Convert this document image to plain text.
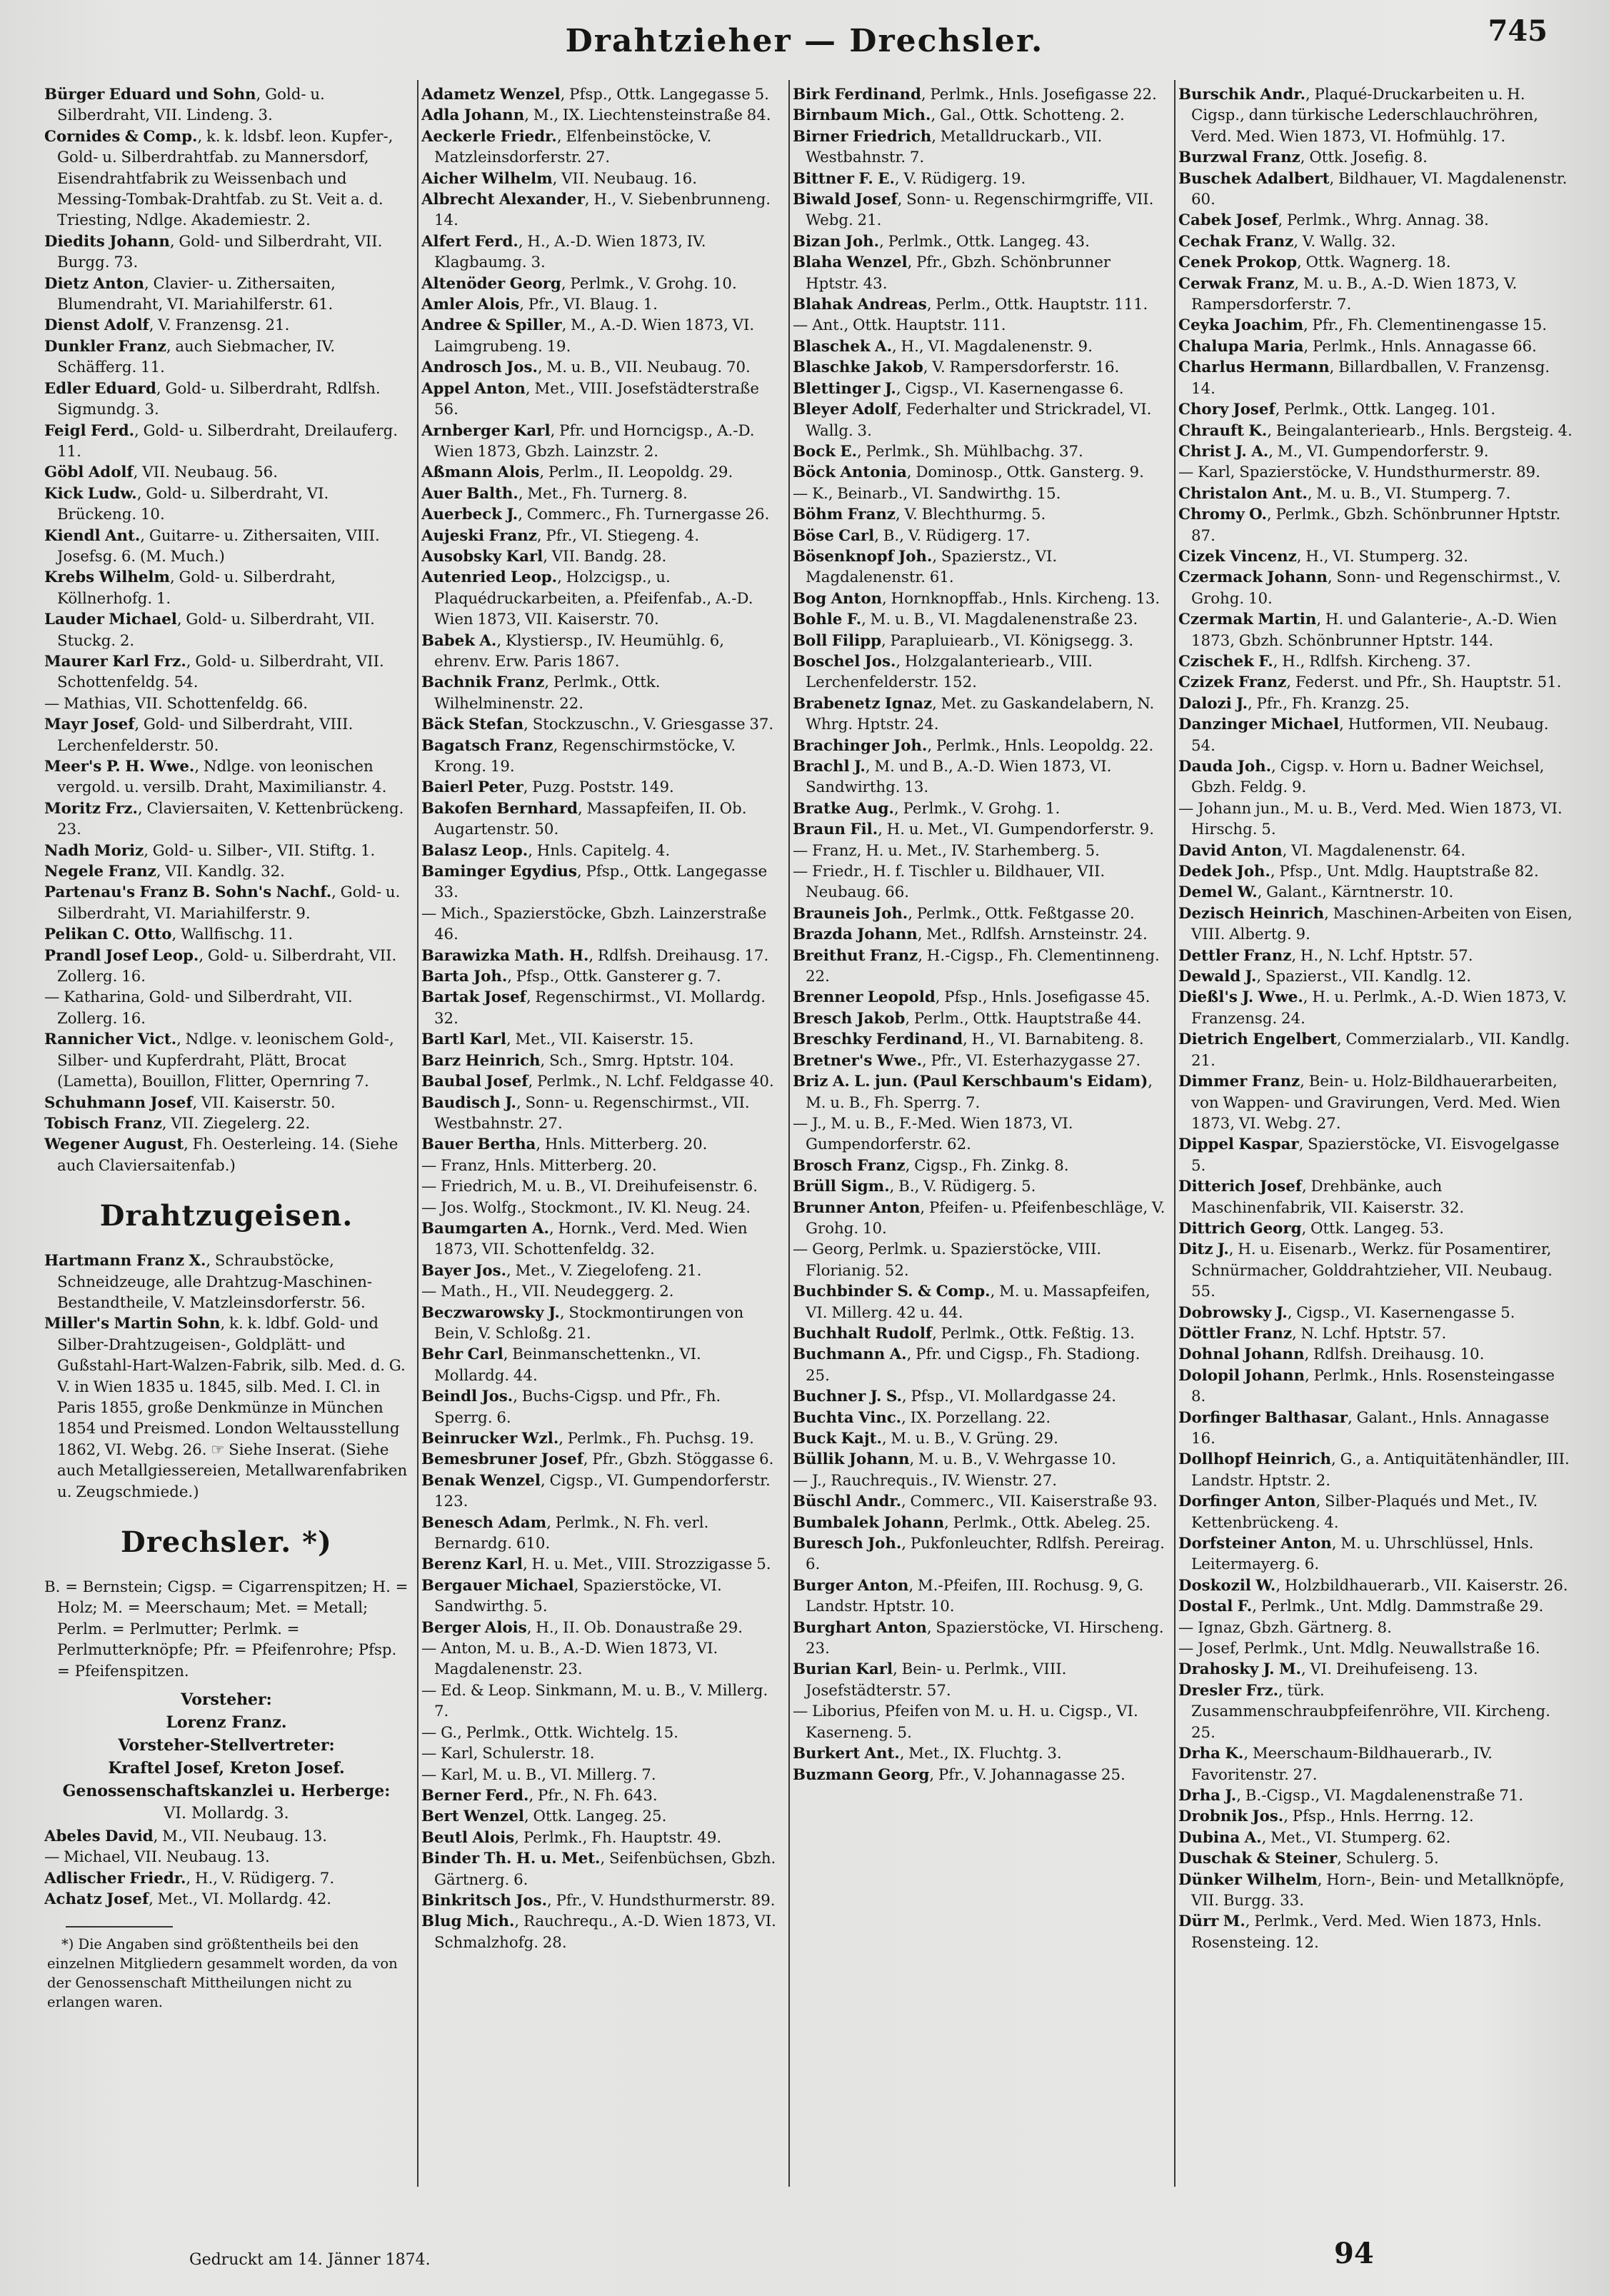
Drahtzieher — Drechsler.	745

Bürger Eduard und Sohn, Gold- u. Silberdraht, VII. Lindeng. 3.

Cornides & Comp., k. k. ldsbf. leon. Kupfer-, Gold- u. Silberdrahtfab. zu Mannersdorf, Eisendrahtfabrik zu Weissenbach und Messing-Tombak-Drahtfab. zu St. Veit a. d. Triesting, Ndlge. Akademiestr. 2.

Diedits Johann, Gold- und Silberdraht, VII. Burgg. 73.

Dietz Anton, Clavier- u. Zithersaiten, Blumendraht, VI. Mariahilferstr. 61.

Dienst Adolf, V. Franzensg. 21.

Dunkler Franz, auch Siebmacher, IV. Schäfferg. 11.

Edler Eduard, Gold- u. Silberdraht, Rdlfsh. Sigmundg. 3.

Feigl Ferd., Gold- u. Silberdraht, Dreilauferg. 11.

Göbl Adolf, VII. Neubaug. 56.

Kick Ludw., Gold- u. Silberdraht, VI. Brückeng. 10.

Kiendl Ant., Guitarre- u. Zithersaiten, VIII. Josefsg. 6. (M. Much.)

Krebs Wilhelm, Gold- u. Silberdraht, Köllnerhofg. 1.

Lauder Michael, Gold- u. Silberdraht, VII. Stuckg. 2.

Maurer Karl Frz., Gold- u. Silberdraht, VII. Schottenfeldg. 54.

— Mathias, VII. Schottenfeldg. 66.

Mayr Josef, Gold- und Silberdraht, VIII. Lerchenfelderstr. 50.

Meer's P. H. Wwe., Ndlge. von leonischen vergold. u. versilb. Draht, Maximilianstr. 4.

Moritz Frz., Claviersaiten, V. Kettenbrückeng. 23.

Nadh Moriz, Gold- u. Silber-, VII. Stiftg. 1.

Negele Franz, VII. Kandlg. 32.

Partenau's Franz B. Sohn's Nachf., Gold- u. Silberdraht, VI. Mariahilferstr. 9.

Pelikan C. Otto, Wallfischg. 11.

Prandl Josef Leop., Gold- u. Silberdraht, VII. Zollerg. 16.

— Katharina, Gold- und Silberdraht, VII. Zollerg. 16.

Rannicher Vict., Ndlge. v. leonischem Gold-, Silber- und Kupferdraht, Plätt, Brocat (Lametta), Bouillon, Flitter, Opernring 7.

Schuhmann Josef, VII. Kaiserstr. 50.

Tobisch Franz, VII. Ziegelerg. 22.

Wegener August, Fh. Oesterleing. 14. (Siehe auch Claviersaitenfab.)

Drahtzugeisen.

Hartmann Franz X., Schraubstöcke, Schneidzeuge, alle Drahtzug-Maschinen-Bestandtheile, V. Matzleinsdorferstr. 56.

Miller's Martin Sohn, k. k. ldbf. Gold- und Silber-Drahtzugeisen-, Goldplätt- und Gußstahl-Hart-Walzen-Fabrik, silb. Med. d. G. V. in Wien 1835 u. 1845, silb. Med. I. Cl. in Paris 1855, große Denkmünze in München 1854 und Preismed. London Weltausstellung 1862, VI. Webg. 26. ☞ Siehe Inserat. (Siehe auch Metallgiessereien, Metallwarenfabriken u. Zeugschmiede.)

Drechsler. *)
B. = Bernstein; Cigsp. = Cigarrenspitzen; H. = Holz; M. = Meerschaum; Met. = Metall; Perlm. = Perlmutter; Perlmk. = Perlmutterknöpfe; Pfr. = Pfeifenrohre; Pfsp. = Pfeifenspitzen.
Vorsteher:
Lorenz Franz.
Vorsteher-Stellvertreter:
Kraftel Josef, Kreton Josef.
Genossenschaftskanzlei u. Herberge:
VI. Mollardg. 3.

Abeles David, M., VII. Neubaug. 13.

— Michael, VII. Neubaug. 13.

Adlischer Friedr., H., V. Rüdigerg. 7.

Achatz Josef, Met., VI. Mollardg. 42.

*) Die Angaben sind größtentheils bei den einzelnen Mitgliedern gesammelt worden, da von der Genossenschaft Mittheilungen nicht zu erlangen waren.

Adametz Wenzel, Pfsp., Ottk. Langegasse 5.

Adla Johann, M., IX. Liechtensteinstraße 84.

Aeckerle Friedr., Elfenbeinstöcke, V. Matzleinsdorferstr. 27.

Aicher Wilhelm, VII. Neubaug. 16.

Albrecht Alexander, H., V. Siebenbrunneng. 14.

Alfert Ferd., H., A.-D. Wien 1873, IV. Klagbaumg. 3.

Altenöder Georg, Perlmk., V. Grohg. 10.

Amler Alois, Pfr., VI. Blaug. 1.

Andree & Spiller, M., A.-D. Wien 1873, VI. Laimgrubeng. 19.

Androsch Jos., M. u. B., VII. Neubaug. 70.

Appel Anton, Met., VIII. Josefstädterstraße 56.

Arnberger Karl, Pfr. und Horncigsp., A.-D. Wien 1873, Gbzh. Lainzstr. 2.

Aßmann Alois, Perlm., II. Leopoldg. 29.

Auer Balth., Met., Fh. Turnerg. 8.

Auerbeck J., Commerc., Fh. Turnergasse 26.

Aujeski Franz, Pfr., VI. Stiegeng. 4.

Ausobsky Karl, VII. Bandg. 28.

Autenried Leop., Holzcigsp., u. Plaquédruckarbeiten, a. Pfeifenfab., A.-D. Wien 1873, VII. Kaiserstr. 70.

Babek A., Klystiersp., IV. Heumühlg. 6, ehrenv. Erw. Paris 1867.

Bachnik Franz, Perlmk., Ottk. Wilhelminenstr. 22.

Bäck Stefan, Stockzuschn., V. Griesgasse 37.

Bagatsch Franz, Regenschirmstöcke, V. Krong. 19.

Baierl Peter, Puzg. Poststr. 149.

Bakofen Bernhard, Massapfeifen, II. Ob. Augartenstr. 50.

Balasz Leop., Hnls. Capitelg. 4.

Baminger Egydius, Pfsp., Ottk. Langegasse 33.

— Mich., Spazierstöcke, Gbzh. Lainzerstraße 46.

Barawizka Math. H., Rdlfsh. Dreihausg. 17.

Barta Joh., Pfsp., Ottk. Gansterer g. 7.

Bartak Josef, Regenschirmst., VI. Mollardg. 32.

Bartl Karl, Met., VII. Kaiserstr. 15.

Barz Heinrich, Sch., Smrg. Hptstr. 104.

Baubal Josef, Perlmk., N. Lchf. Feldgasse 40.

Baudisch J., Sonn- u. Regenschirmst., VII. Westbahnstr. 27.

Bauer Bertha, Hnls. Mitterberg. 20.

— Franz, Hnls. Mitterberg. 20.

— Friedrich, M. u. B., VI. Dreihufeisenstr. 6.

— Jos. Wolfg., Stockmont., IV. Kl. Neug. 24.

Baumgarten A., Hornk., Verd. Med. Wien 1873, VII. Schottenfeldg. 32.

Bayer Jos., Met., V. Ziegelofeng. 21.

— Math., H., VII. Neudeggerg. 2.

Beczwarowsky J., Stockmontirungen von Bein, V. Schloßg. 21.

Behr Carl, Beinmanschettenkn., VI. Mollardg. 44.

Beindl Jos., Buchs-Cigsp. und Pfr., Fh. Sperrg. 6.

Beinrucker Wzl., Perlmk., Fh. Puchsg. 19.

Bemesbruner Josef, Pfr., Gbzh. Stöggasse 6.

Benak Wenzel, Cigsp., VI. Gumpendorferstr. 123.

Benesch Adam, Perlmk., N. Fh. verl. Bernardg. 610.

Berenz Karl, H. u. Met., VIII. Strozzigasse 5.

Bergauer Michael, Spazierstöcke, VI. Sandwirthg. 5.

Berger Alois, H., II. Ob. Donaustraße 29.

— Anton, M. u. B., A.-D. Wien 1873, VI. Magdalenenstr. 23.

— Ed. & Leop. Sinkmann, M. u. B., V. Millerg. 7.

— G., Perlmk., Ottk. Wichtelg. 15.

— Karl, Schulerstr. 18.

— Karl, M. u. B., VI. Millerg. 7.

Berner Ferd., Pfr., N. Fh. 643.

Bert Wenzel, Ottk. Langeg. 25.

Beutl Alois, Perlmk., Fh. Hauptstr. 49.

Binder Th. H. u. Met., Seifenbüchsen, Gbzh. Gärtnerg. 6.

Binkritsch Jos., Pfr., V. Hundsthurmerstr. 89.

Blug Mich., Rauchrequ., A.-D. Wien 1873, VI. Schmalzhofg. 28.

Birk Ferdinand, Perlmk., Hnls. Josefigasse 22.

Birnbaum Mich., Gal., Ottk. Schotteng. 2.

Birner Friedrich, Metalldruckarb., VII. Westbahnstr. 7.

Bittner F. E., V. Rüdigerg. 19.

Biwald Josef, Sonn- u. Regenschirmgriffe, VII. Webg. 21.

Bizan Joh., Perlmk., Ottk. Langeg. 43.

Blaha Wenzel, Pfr., Gbzh. Schönbrunner Hptstr. 43.

Blahak Andreas, Perlm., Ottk. Hauptstr. 111.

— Ant., Ottk. Hauptstr. 111.

Blaschek A., H., VI. Magdalenenstr. 9.

Blaschke Jakob, V. Rampersdorferstr. 16.

Blettinger J., Cigsp., VI. Kasernengasse 6.

Bleyer Adolf, Federhalter und Strickradel, VI. Wallg. 3.

Bock E., Perlmk., Sh. Mühlbachg. 37.

Böck Antonia, Dominosp., Ottk. Gansterg. 9.

— K., Beinarb., VI. Sandwirthg. 15.

Böhm Franz, V. Blechthurmg. 5.

Böse Carl, B., V. Rüdigerg. 17.

Bösenknopf Joh., Spazierstz., VI. Magdalenenstr. 61.

Bog Anton, Hornknopffab., Hnls. Kircheng. 13.

Bohle F., M. u. B., VI. Magdalenenstraße 23.

Boll Filipp, Parapluiearb., VI. Königsegg. 3.

Boschel Jos., Holzgalanteriearb., VIII. Lerchenfelderstr. 152.

Brabenetz Ignaz, Met. zu Gaskandelabern, N. Whrg. Hptstr. 24.

Brachinger Joh., Perlmk., Hnls. Leopoldg. 22.

Brachl J., M. und B., A.-D. Wien 1873, VI. Sandwirthg. 13.

Bratke Aug., Perlmk., V. Grohg. 1.

Braun Fil., H. u. Met., VI. Gumpendorferstr. 9.

— Franz, H. u. Met., IV. Starhemberg. 5.

— Friedr., H. f. Tischler u. Bildhauer, VII. Neubaug. 66.

Brauneis Joh., Perlmk., Ottk. Feßtgasse 20.

Brazda Johann, Met., Rdlfsh. Arnsteinstr. 24.

Breithut Franz, H.-Cigsp., Fh. Clementinneng. 22.

Brenner Leopold, Pfsp., Hnls. Josefigasse 45.

Bresch Jakob, Perlm., Ottk. Hauptstraße 44.

Breschky Ferdinand, H., VI. Barnabiteng. 8.

Bretner's Wwe., Pfr., VI. Esterhazygasse 27.

Briz A. L. jun. (Paul Kerschbaum's Eidam), M. u. B., Fh. Sperrg. 7.

— J., M. u. B., F.-Med. Wien 1873, VI. Gumpendorferstr. 62.

Brosch Franz, Cigsp., Fh. Zinkg. 8.

Brüll Sigm., B., V. Rüdigerg. 5.

Brunner Anton, Pfeifen- u. Pfeifenbeschläge, V. Grohg. 10.

— Georg, Perlmk. u. Spazierstöcke, VIII. Florianig. 52.

Buchbinder S. & Comp., M. u. Massapfeifen, VI. Millerg. 42 u. 44.

Buchhalt Rudolf, Perlmk., Ottk. Feßtig. 13.

Buchmann A., Pfr. und Cigsp., Fh. Stadiong. 25.

Buchner J. S., Pfsp., VI. Mollardgasse 24.

Buchta Vinc., IX. Porzellang. 22.

Buck Kajt., M. u. B., V. Grüng. 29.

Büllik Johann, M. u. B., V. Wehrgasse 10.

— J., Rauchrequis., IV. Wienstr. 27.

Büschl Andr., Commerc., VII. Kaiserstraße 93.

Bumbalek Johann, Perlmk., Ottk. Abeleg. 25.

Buresch Joh., Pukfonleuchter, Rdlfsh. Pereirag. 6.

Burger Anton, M.-Pfeifen, III. Rochusg. 9, G. Landstr. Hptstr. 10.

Burghart Anton, Spazierstöcke, VI. Hirscheng. 23.

Burian Karl, Bein- u. Perlmk., VIII. Josefstädterstr. 57.

— Liborius, Pfeifen von M. u. H. u. Cigsp., VI. Kaserneng. 5.

Burkert Ant., Met., IX. Fluchtg. 3.

Buzmann Georg, Pfr., V. Johannagasse 25.

Burschik Andr., Plaqué-Druckarbeiten u. H. Cigsp., dann türkische Lederschlauchröhren, Verd. Med. Wien 1873, VI. Hofmühlg. 17.

Burzwal Franz, Ottk. Josefig. 8.

Buschek Adalbert, Bildhauer, VI. Magdalenenstr. 60.

Cabek Josef, Perlmk., Whrg. Annag. 38.

Cechak Franz, V. Wallg. 32.

Cenek Prokop, Ottk. Wagnerg. 18.

Cerwak Franz, M. u. B., A.-D. Wien 1873, V. Rampersdorferstr. 7.

Ceyka Joachim, Pfr., Fh. Clementinengasse 15.

Chalupa Maria, Perlmk., Hnls. Annagasse 66.

Charlus Hermann, Billardballen, V. Franzensg. 14.

Chory Josef, Perlmk., Ottk. Langeg. 101.

Chrauft K., Beingalanteriearb., Hnls. Bergsteig. 4.

Christ J. A., M., VI. Gumpendorferstr. 9.

— Karl, Spazierstöcke, V. Hundsthurmerstr. 89.

Christalon Ant., M. u. B., VI. Stumperg. 7.

Chromy O., Perlmk., Gbzh. Schönbrunner Hptstr. 87.

Cizek Vincenz, H., VI. Stumperg. 32.

Czermack Johann, Sonn- und Regenschirmst., V. Grohg. 10.

Czermak Martin, H. und Galanterie-, A.-D. Wien 1873, Gbzh. Schönbrunner Hptstr. 144.

Czischek F., H., Rdlfsh. Kircheng. 37.

Czizek Franz, Federst. und Pfr., Sh. Hauptstr. 51.

Dalozi J., Pfr., Fh. Kranzg. 25.

Danzinger Michael, Hutformen, VII. Neubaug. 54.

Dauda Joh., Cigsp. v. Horn u. Badner Weichsel, Gbzh. Feldg. 9.

— Johann jun., M. u. B., Verd. Med. Wien 1873, VI. Hirschg. 5.

David Anton, VI. Magdalenenstr. 64.

Dedek Joh., Pfsp., Unt. Mdlg. Hauptstraße 82.

Demel W., Galant., Kärntnerstr. 10.

Dezisch Heinrich, Maschinen-Arbeiten von Eisen, VIII. Albertg. 9.

Dettler Franz, H., N. Lchf. Hptstr. 57.

Dewald J., Spazierst., VII. Kandlg. 12.

Dießl's J. Wwe., H. u. Perlmk., A.-D. Wien 1873, V. Franzensg. 24.

Dietrich Engelbert, Commerzialarb., VII. Kandlg. 21.

Dimmer Franz, Bein- u. Holz-Bildhauerarbeiten, von Wappen- und Gravirungen, Verd. Med. Wien 1873, VI. Webg. 27.

Dippel Kaspar, Spazierstöcke, VI. Eisvogelgasse 5.

Ditterich Josef, Drehbänke, auch Maschinenfabrik, VII. Kaiserstr. 32.

Dittrich Georg, Ottk. Langeg. 53.

Ditz J., H. u. Eisenarb., Werkz. für Posamentirer, Schnürmacher, Golddrahtzieher, VII. Neubaug. 55.

Dobrowsky J., Cigsp., VI. Kasernengasse 5.

Döttler Franz, N. Lchf. Hptstr. 57.

Dohnal Johann, Rdlfsh. Dreihausg. 10.

Dolopil Johann, Perlmk., Hnls. Rosensteingasse 8.

Dorfinger Balthasar, Galant., Hnls. Annagasse 16.

Dollhopf Heinrich, G., a. Antiquitätenhändler, III. Landstr. Hptstr. 2.

Dorfinger Anton, Silber-Plaqués und Met., IV. Kettenbrückeng. 4.

Dorfsteiner Anton, M. u. Uhrschlüssel, Hnls. Leitermayerg. 6.

Doskozil W., Holzbildhauerarb., VII. Kaiserstr. 26.

Dostal F., Perlmk., Unt. Mdlg. Dammstraße 29.

— Ignaz, Gbzh. Gärtnerg. 8.

— Josef, Perlmk., Unt. Mdlg. Neuwallstraße 16.

Drahosky J. M., VI. Dreihufeiseng. 13.

Dresler Frz., türk. Zusammenschraubpfeifenröhre, VII. Kircheng. 25.

Drha K., Meerschaum-Bildhauerarb., IV. Favoritenstr. 27.

Drha J., B.-Cigsp., VI. Magdalenenstraße 71.

Drobnik Jos., Pfsp., Hnls. Herrng. 12.

Dubina A., Met., VI. Stumperg. 62.

Duschak & Steiner, Schulerg. 5.

Dünker Wilhelm, Horn-, Bein- und Metallknöpfe, VII. Burgg. 33.

Dürr M., Perlmk., Verd. Med. Wien 1873, Hnls. Rosensteing. 12.

Gedruckt am 14. Jänner 1874.	94
